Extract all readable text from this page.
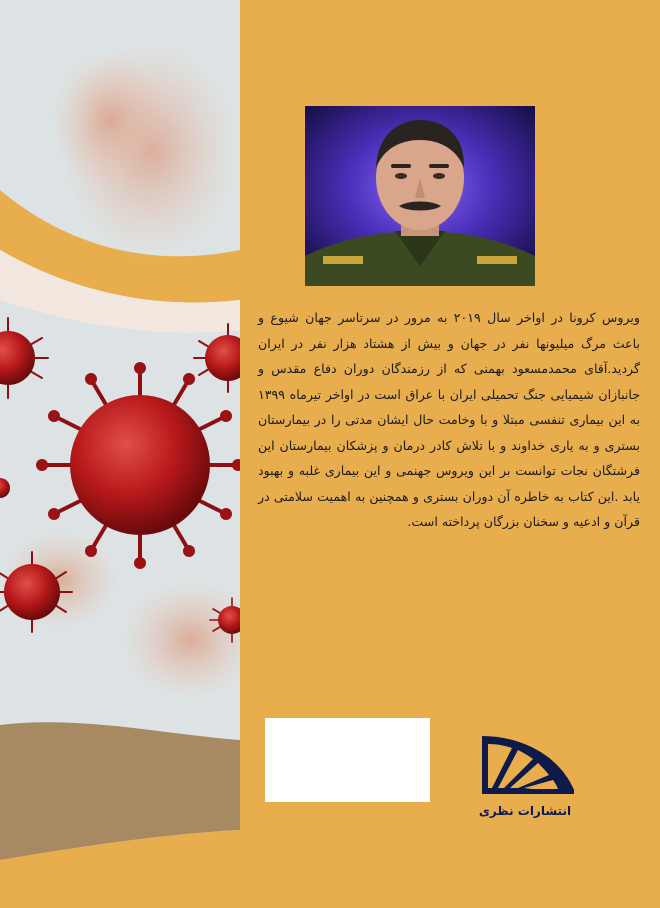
ویروس کرونا در اواخر سال ۲۰۱۹ به مرور در سرتاسر جهان شیوع و باعث مرگ میلیونها نفر در جهان و بیش از هشتاد هزار نفر در ایران گردید.آقای محمدمسعود بهمنی که از رزمندگان دوران دفاع مقدس و جانبازان شیمیایی جنگ تحمیلی ایران با عراق است در اواخر تیرماه ۱۳۹۹ به این بیماری تنفسی مبتلا و با وخامت حال ایشان مدتی را در بیمارستان بستری و به یاری خداوند و با تلاش کادر درمان و پزشکان بیمارستان این فرشتگان نجات توانست بر این ویروس جهنمی و این بیماری غلبه و بهبود یابد .این کتاب به خاطره آن دوران بستری و همچنین به اهمیت سلامتی در قرآن و ادعیه و سخنان بزرگان پرداخته است.

انتشارات نظری
